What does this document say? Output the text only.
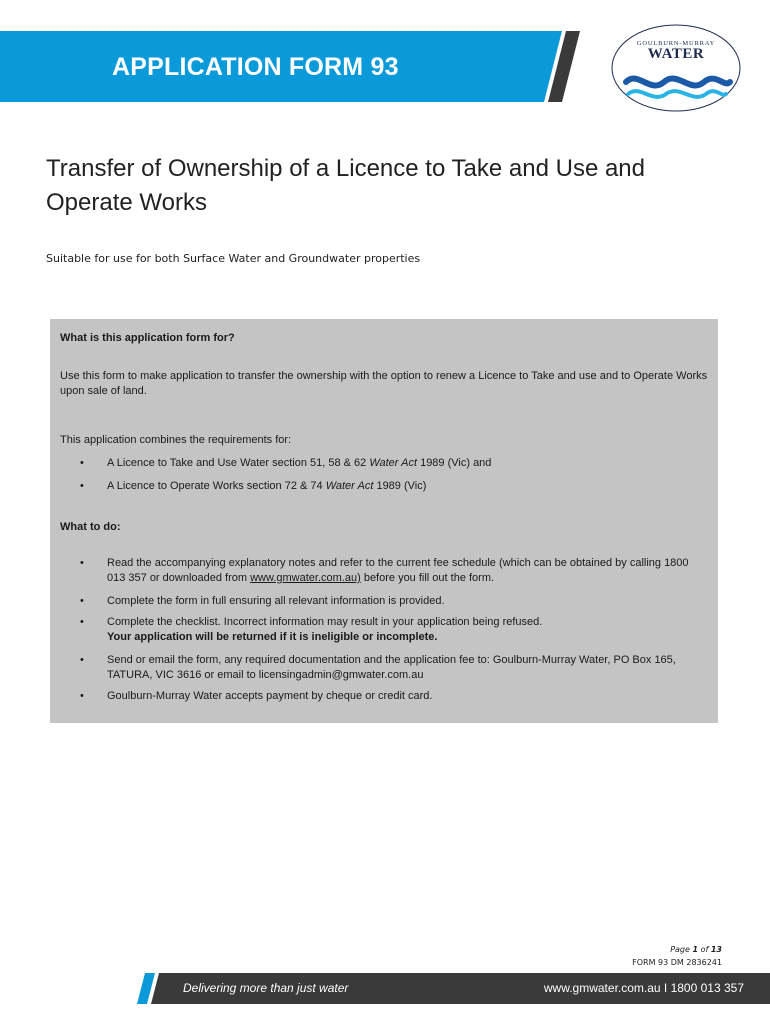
APPLICATION FORM 93
GOULBURN-MURRAY
WATER
Transfer of Ownership of a Licence to Take and Use and Operate Works
Suitable for use for both Surface Water and Groundwater properties
What is this application form for?
Use this form to make application to transfer the ownership with the option to renew a Licence to Take and use and to Operate Works upon sale of land.
This application combines the requirements for:
• A Licence to Take and Use Water section 51, 58 & 62 Water Act 1989 (Vic) and
• A Licence to Operate Works section 72 & 74 Water Act 1989 (Vic)
What to do:
• Read the accompanying explanatory notes and refer to the current fee schedule (which can be obtained by calling 1800 013 357 or downloaded from www.gmwater.com.au) before you fill out the form.
• Complete the form in full ensuring all relevant information is provided.
• Complete the checklist. Incorrect information may result in your application being refused.
Your application will be returned if it is ineligible or incomplete.
• Send or email the form, any required documentation and the application fee to: Goulburn-Murray Water, PO Box 165, TATURA, VIC 3616 or email to licensingadmin@gmwater.com.au
• Goulburn-Murray Water accepts payment by cheque or credit card.
Page 1 of 13
FORM 93 DM 2836241
Delivering more than just water	www.gmwater.com.au I 1800 013 357
